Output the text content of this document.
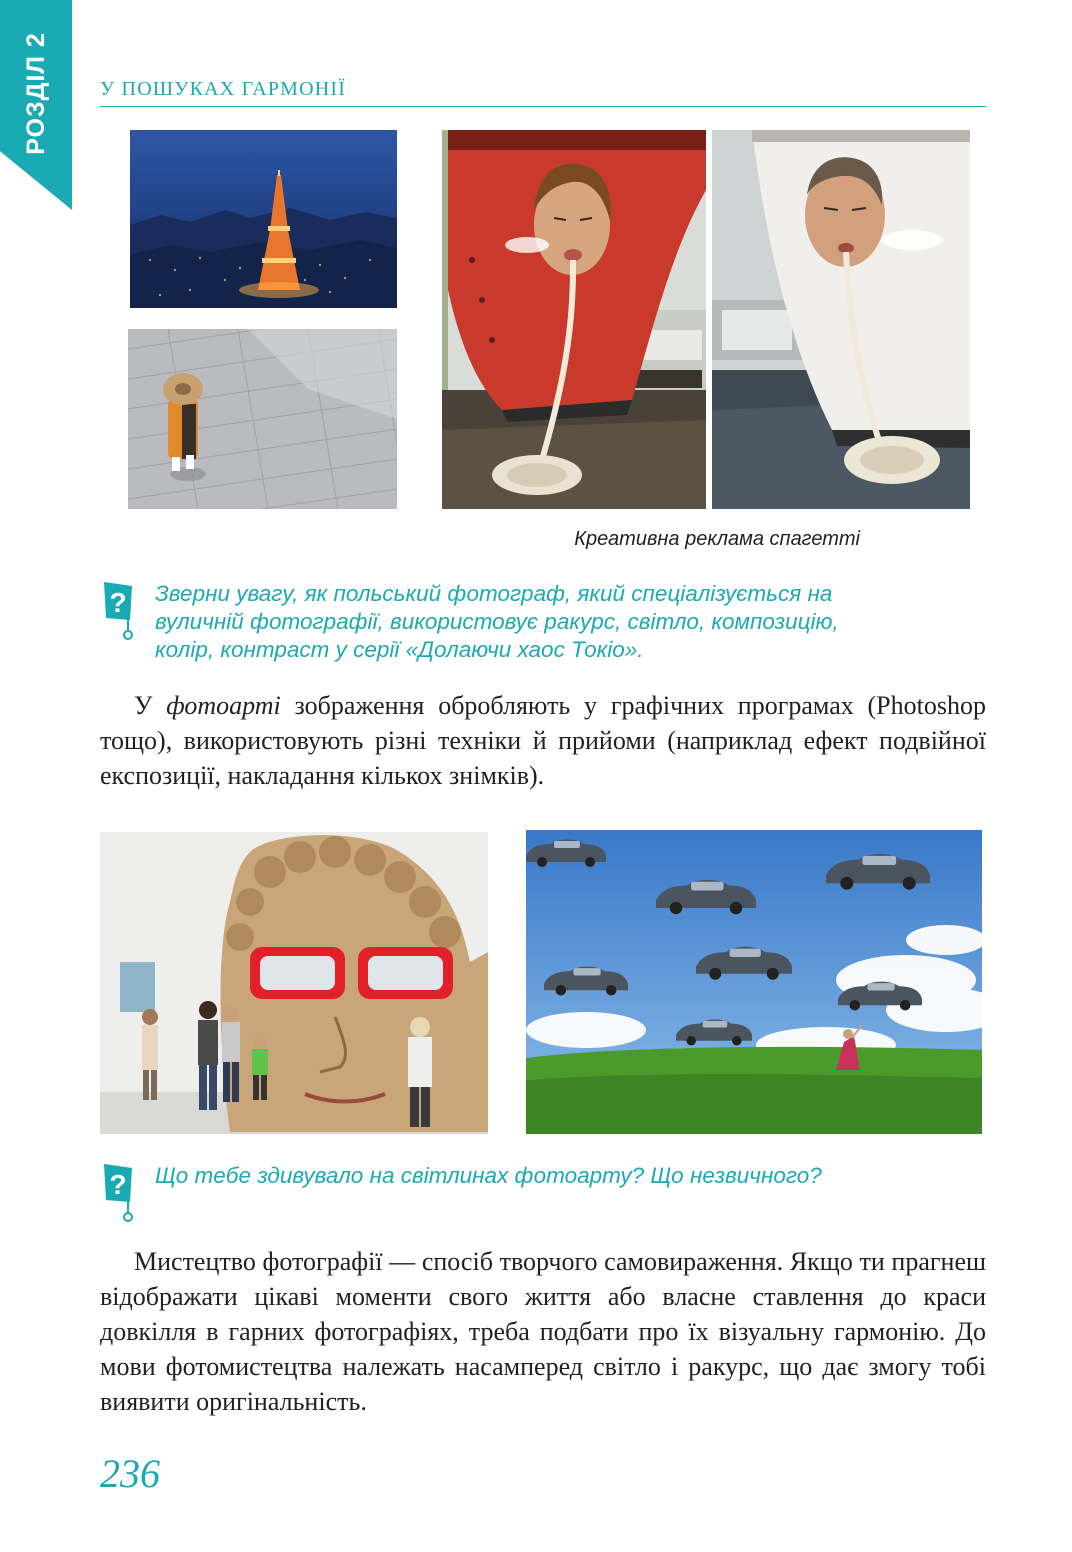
РОЗДІЛ 2	У ПОШУКАХ ГАРМОНІЇ
Креативна реклама спагетті
? Зверни увагу, як польський фотограф, який спеціалізується на
вуличній фотографії, використовує ракурс, світло, композицію,
колір, контраст у серії «Долаючи хаос Токіо».
У фотоарті зображення обробляють у графічних програмах (Photoshop тощо), використовують різні техніки й прийоми (наприклад ефект подвійної експозиції, накладання кількох знімків).
? Що тебе здивувало на світлинах фотоарту? Що незвичного?
Мистецтво фотографії — спосіб творчого самовираження. Якщо ти прагнеш відображати цікаві моменти свого життя або власне ставлення до краси довкілля в гарних фотографіях, треба подбати про їх візуальну гармонію. До мови фотомистецтва належать насамперед світло і ракурс, що дає змогу тобі виявити оригінальність.
236
